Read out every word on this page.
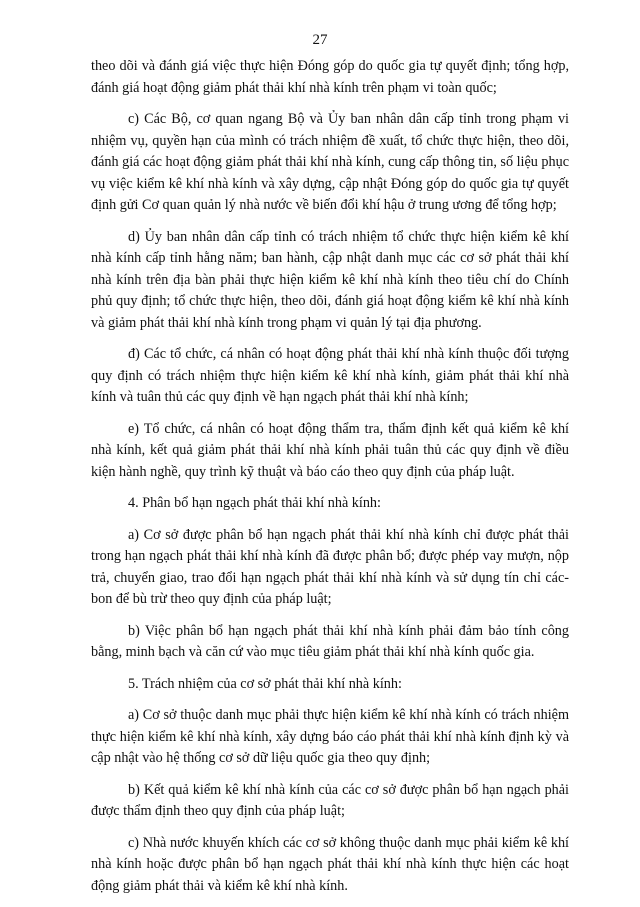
27

theo dõi và đánh giá việc thực hiện Đóng góp do quốc gia tự quyết định; tổng hợp, đánh giá hoạt động giảm phát thải khí nhà kính trên phạm vi toàn quốc;

c) Các Bộ, cơ quan ngang Bộ và Ủy ban nhân dân cấp tỉnh trong phạm vi nhiệm vụ, quyền hạn của mình có trách nhiệm đề xuất, tổ chức thực hiện, theo dõi, đánh giá các hoạt động giảm phát thải khí nhà kính, cung cấp thông tin, số liệu phục vụ việc kiểm kê khí nhà kính và xây dựng, cập nhật Đóng góp do quốc gia tự quyết định gửi Cơ quan quản lý nhà nước về biến đổi khí hậu ở trung ương để tổng hợp;

d) Ủy ban nhân dân cấp tỉnh có trách nhiệm tổ chức thực hiện kiểm kê khí nhà kính cấp tỉnh hằng năm; ban hành, cập nhật danh mục các cơ sở phát thải khí nhà kính trên địa bàn phải thực hiện kiểm kê khí nhà kính theo tiêu chí do Chính phủ quy định; tổ chức thực hiện, theo dõi, đánh giá hoạt động kiểm kê khí nhà kính và giảm phát thải khí nhà kính trong phạm vi quản lý tại địa phương.

đ) Các tổ chức, cá nhân có hoạt động phát thải khí nhà kính thuộc đối tượng quy định có trách nhiệm thực hiện kiểm kê khí nhà kính, giảm phát thải khí nhà kính và tuân thủ các quy định về hạn ngạch phát thải khí nhà kính;

e) Tổ chức, cá nhân có hoạt động thẩm tra, thẩm định kết quả kiểm kê khí nhà kính, kết quả giảm phát thải khí nhà kính phải tuân thủ các quy định về điều kiện hành nghề, quy trình kỹ thuật và báo cáo theo quy định của pháp luật.

4. Phân bổ hạn ngạch phát thải khí nhà kính:

a) Cơ sở được phân bổ hạn ngạch phát thải khí nhà kính chỉ được phát thải trong hạn ngạch phát thải khí nhà kính đã được phân bổ; được phép vay mượn, nộp trả, chuyển giao, trao đổi hạn ngạch phát thải khí nhà kính và sử dụng tín chỉ các-bon để bù trừ theo quy định của pháp luật;

b) Việc phân bổ hạn ngạch phát thải khí nhà kính phải đảm bảo tính công bằng, minh bạch và căn cứ vào mục tiêu giảm phát thải khí nhà kính quốc gia.

5. Trách nhiệm của cơ sở phát thải khí nhà kính:

a) Cơ sở thuộc danh mục phải thực hiện kiểm kê khí nhà kính có trách nhiệm thực hiện kiểm kê khí nhà kính, xây dựng báo cáo phát thải khí nhà kính định kỳ và cập nhật vào hệ thống cơ sở dữ liệu quốc gia theo quy định;

b) Kết quả kiểm kê khí nhà kính của các cơ sở được phân bổ hạn ngạch phải được thẩm định theo quy định của pháp luật;

c) Nhà nước khuyến khích các cơ sở không thuộc danh mục phải kiểm kê khí nhà kính hoặc được phân bổ hạn ngạch phát thải khí nhà kính thực hiện các hoạt động giảm phát thải và kiểm kê khí nhà kính.
